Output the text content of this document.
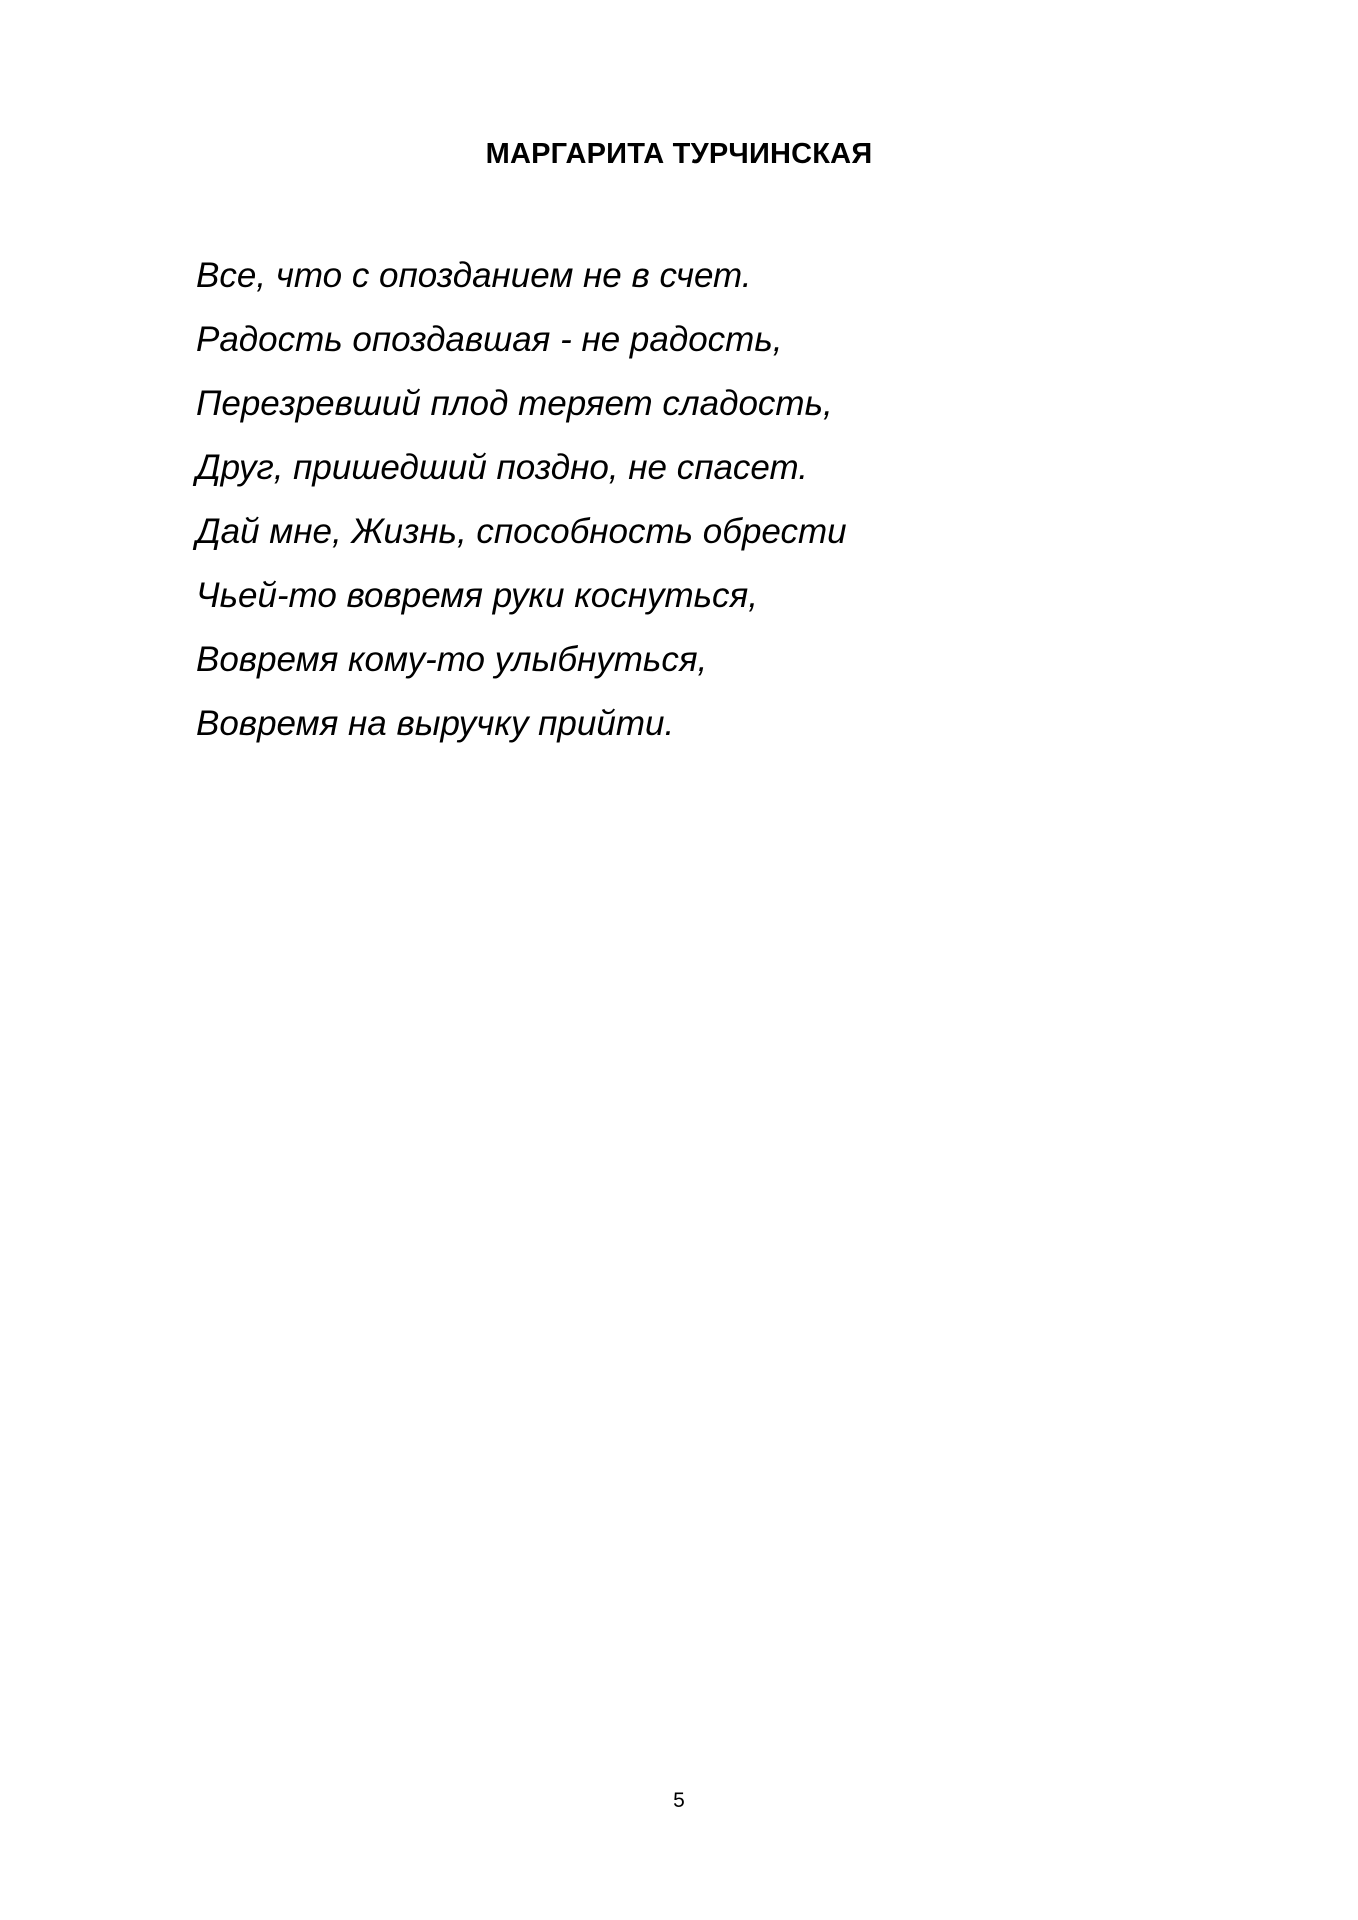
МАРГАРИТА ТУРЧИНСКАЯ
Все, что с опозданием не в счет.
Радость опоздавшая - не радость,
Перезревший плод теряет сладость,
Друг, пришедший поздно, не спасет.
Дай мне, Жизнь, способность обрести
Чьей-то вовремя руки коснуться,
Вовремя кому-то улыбнуться,
Вовремя на выручку прийти.
5
